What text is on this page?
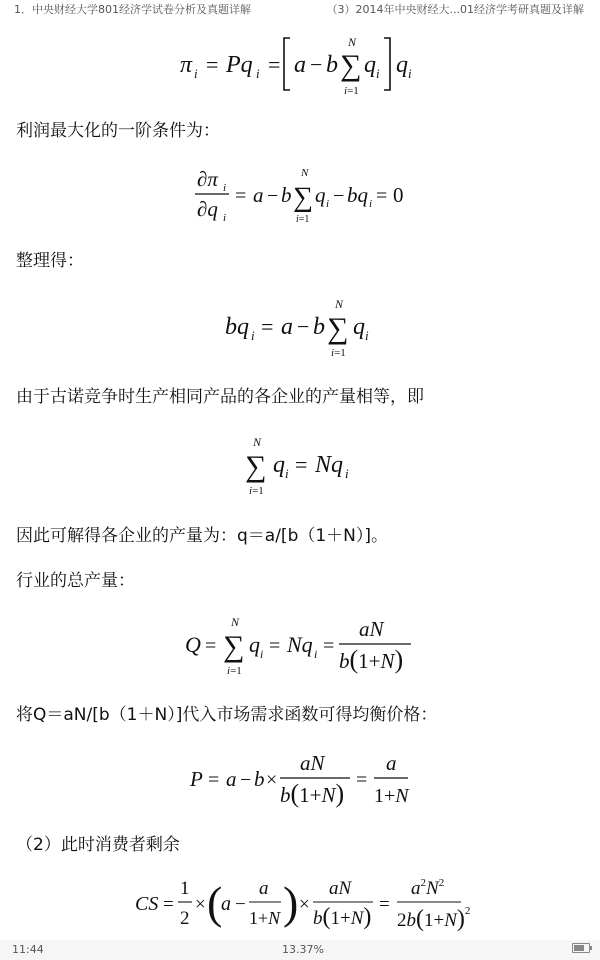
1．中央财经大学801经济学试卷分析及真题详解	（3）2014年中央财经大...01经济学考研真题及详解
π i = Pq i = a − b
N
∑
i=1
q i q i
利润最大化的一阶条件为：
∂π i
∂q i
= a − b
N
∑
i=1
q i − bq i = 0
整理得：
bq i = a − b
N
∑
i=1
q i
由于古诺竞争时生产相同产品的各企业的产量相等，即
N
∑
i=1
q i = Nq i
因此可解得各企业的产量为：q＝a/[b（1＋N）]。
行业的总产量：
Q =
N
∑
i=1
q i = Nq i =
aN
b(1+N)
将Q＝aN/[b（1＋N）]代入市场需求函数可得均衡价格：
P = a − b ×
aN
b(1+N) =
a
1+N
（2）此时消费者剩余
CS =
1
2
× (
a −
a
1+N ) ×
aN
b(1+N) =
$a^2N^2$
$2b(1+N)^2$
11:44	13.37%
